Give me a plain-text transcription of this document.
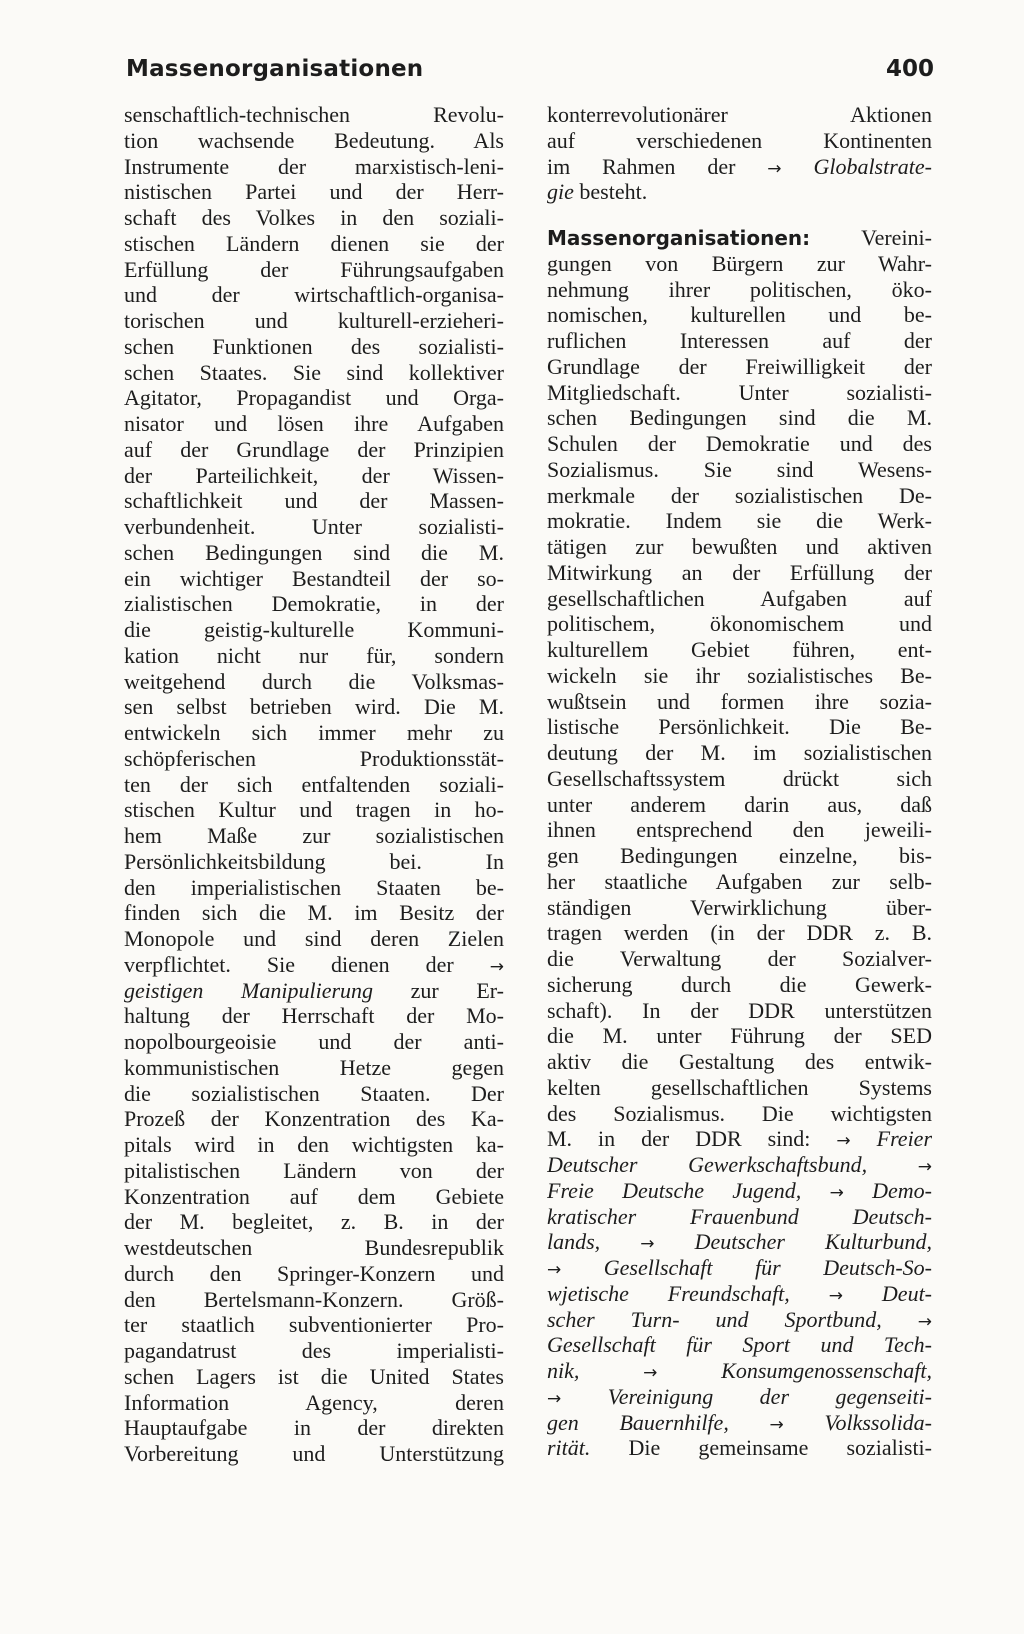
Massenorganisationen	400
senschaftlich-technischen Revolu-
tion wachsende Bedeutung. Als
Instrumente der marxistisch-leni-
nistischen Partei und der Herr-
schaft des Volkes in den soziali-
stischen Ländern dienen sie der
Erfüllung der Führungsaufgaben
und der wirtschaftlich-organisa-
torischen und kulturell-erzieheri-
schen Funktionen des sozialisti-
schen Staates. Sie sind kollektiver
Agitator, Propagandist und Orga-
nisator und lösen ihre Aufgaben
auf der Grundlage der Prinzipien
der Parteilichkeit, der Wissen-
schaftlichkeit und der Massen-
verbundenheit. Unter sozialisti-
schen Bedingungen sind die M.
ein wichtiger Bestandteil der so-
zialistischen Demokratie, in der
die geistig-kulturelle Kommuni-
kation nicht nur für, sondern
weitgehend durch die Volksmas-
sen selbst betrieben wird. Die M.
entwickeln sich immer mehr zu
schöpferischen Produktionsstät-
ten der sich entfaltenden soziali-
stischen Kultur und tragen in ho-
hem Maße zur sozialistischen
Persönlichkeitsbildung bei. In
den imperialistischen Staaten be-
finden sich die M. im Besitz der
Monopole und sind deren Zielen
verpflichtet. Sie dienen der →
geistigen Manipulierung zur Er-
haltung der Herrschaft der Mo-
nopolbourgeoisie und der anti-
kommunistischen Hetze gegen
die sozialistischen Staaten. Der
Prozeß der Konzentration des Ka-
pitals wird in den wichtigsten ka-
pitalistischen Ländern von der
Konzentration auf dem Gebiete
der M. begleitet, z. B. in der
westdeutschen Bundesrepublik
durch den Springer-Konzern und
den Bertelsmann-Konzern. Größ-
ter staatlich subventionierter Pro-
pagandatrust des imperialisti-
schen Lagers ist die United States
Information Agency, deren
Hauptaufgabe in der direkten
Vorbereitung und Unterstützung
konterrevolutionärer Aktionen
auf verschiedenen Kontinenten
im Rahmen der → Globalstrate-
gie besteht.
Massenorganisationen: Vereini-
gungen von Bürgern zur Wahr-
nehmung ihrer politischen, öko-
nomischen, kulturellen und be-
ruflichen Interessen auf der
Grundlage der Freiwilligkeit der
Mitgliedschaft. Unter sozialisti-
schen Bedingungen sind die M.
Schulen der Demokratie und des
Sozialismus. Sie sind Wesens-
merkmale der sozialistischen De-
mokratie. Indem sie die Werk-
tätigen zur bewußten und aktiven
Mitwirkung an der Erfüllung der
gesellschaftlichen Aufgaben auf
politischem, ökonomischem und
kulturellem Gebiet führen, ent-
wickeln sie ihr sozialistisches Be-
wußtsein und formen ihre sozia-
listische Persönlichkeit. Die Be-
deutung der M. im sozialistischen
Gesellschaftssystem drückt sich
unter anderem darin aus, daß
ihnen entsprechend den jeweili-
gen Bedingungen einzelne, bis-
her staatliche Aufgaben zur selb-
ständigen Verwirklichung über-
tragen werden (in der DDR z. B.
die Verwaltung der Sozialver-
sicherung durch die Gewerk-
schaft). In der DDR unterstützen
die M. unter Führung der SED
aktiv die Gestaltung des entwik-
kelten gesellschaftlichen Systems
des Sozialismus. Die wichtigsten
M. in der DDR sind: → Freier
Deutscher Gewerkschaftsbund,	→
Freie Deutsche Jugend, → Demo-
kratischer Frauenbund Deutsch-
lands, → Deutscher Kulturbund,
→ Gesellschaft für Deutsch-So-
wjetische Freundschaft, → Deut-
scher Turn- und Sportbund, →
Gesellschaft für Sport und Tech-
nik,	→	Konsumgenossenschaft,
→ Vereinigung der gegenseiti-
gen Bauernhilfe, → Volkssolida-
rität. Die gemeinsame sozialisti-
